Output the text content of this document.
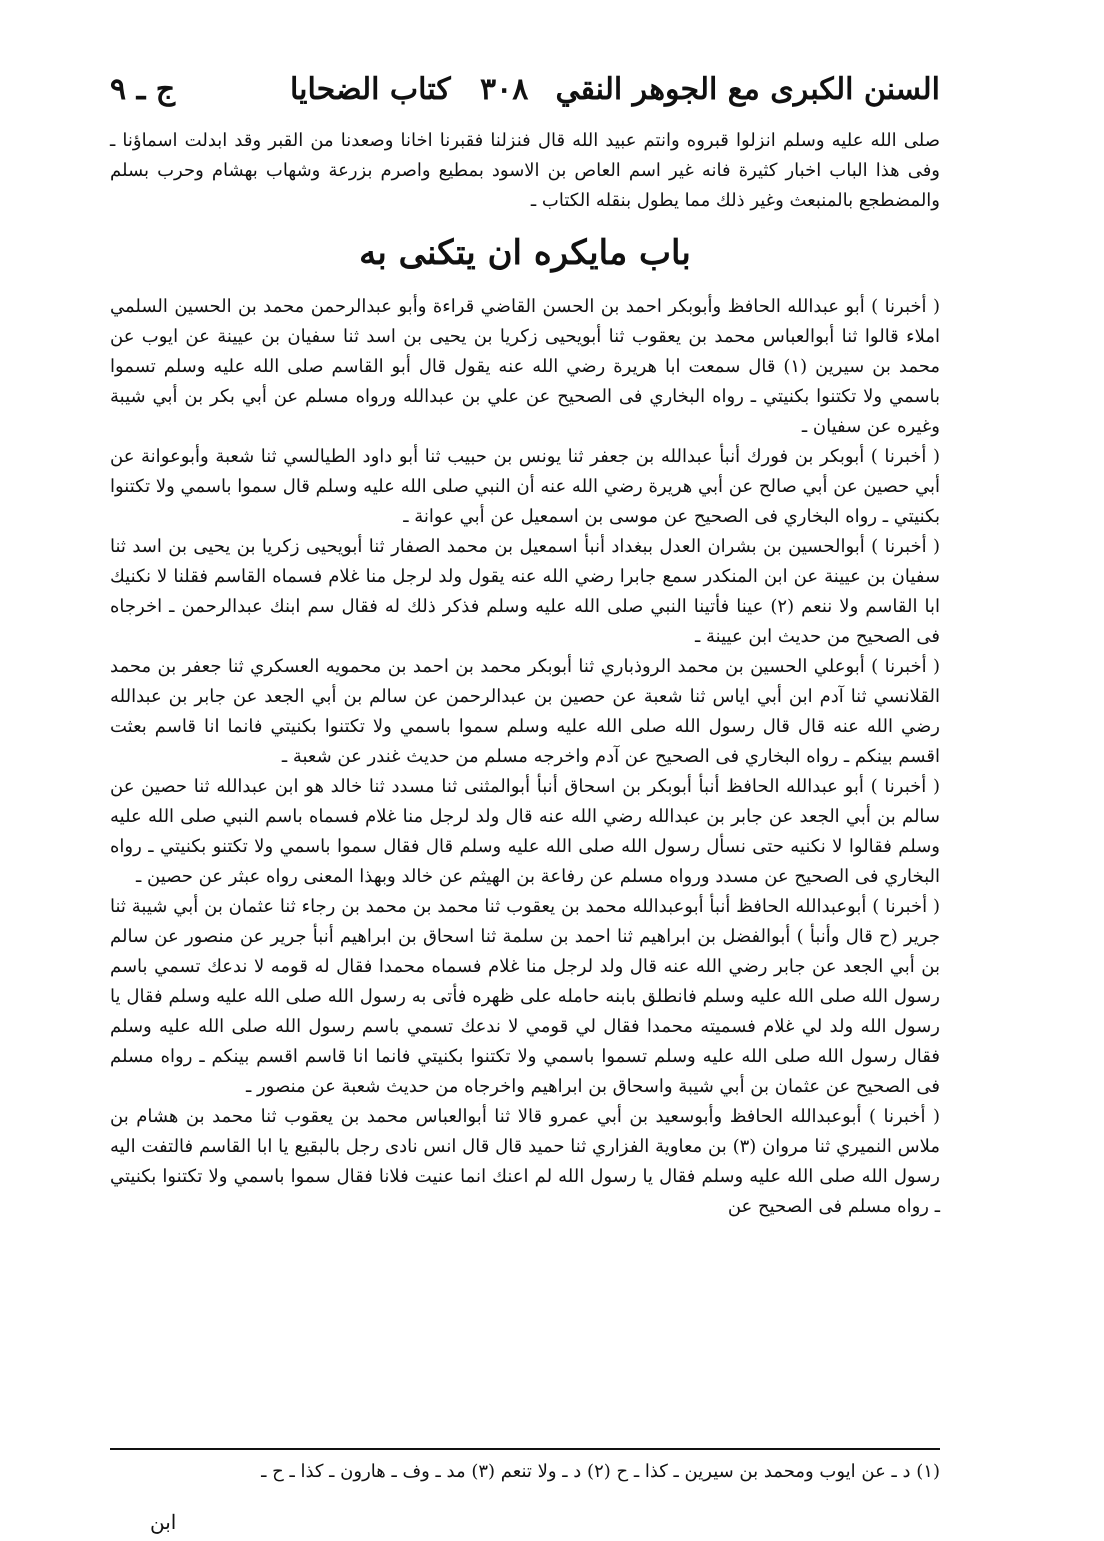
السنن الكبرى مع الجوهر النقي
٣٠٨
كتاب الضحايا
ج ـ ٩

صلى الله عليه وسلم انزلوا قبروه وانتم عبيد الله قال فنزلنا فقبرنا اخانا وصعدنا من القبر وقد ابدلت اسماؤنا ـ وفى هذا الباب اخبار كثيرة فانه غير اسم العاص بن الاسود بمطيع واصرم بزرعة وشهاب بهشام وحرب بسلم والمضطجع بالمنبعث وغير ذلك مما يطول بنقله الكتاب ـ

باب مايكره ان يتكنى به

( أخبرنا ) أبو عبدالله الحافظ وأبوبكر احمد بن الحسن القاضي قراءة وأبو عبدالرحمن محمد بن الحسين السلمي املاء قالوا ثنا أبوالعباس محمد بن يعقوب ثنا أبويحيى زكريا بن يحيى بن اسد ثنا سفيان بن عيينة عن ايوب عن محمد بن سيرين (١) قال سمعت ابا هريرة رضي الله عنه يقول قال أبو القاسم صلى الله عليه وسلم تسموا باسمي ولا تكتنوا بكنيتي ـ رواه البخاري فى الصحيح عن علي بن عبدالله ورواه مسلم عن أبي بكر بن أبي شيبة وغيره عن سفيان ـ

( أخبرنا ) أبوبكر بن فورك أنبأ عبدالله بن جعفر ثنا يونس بن حبيب ثنا أبو داود الطيالسي ثنا شعبة وأبوعوانة عن أبي حصين عن أبي صالح عن أبي هريرة رضي الله عنه أن النبي صلى الله عليه وسلم قال سموا باسمي ولا تكتنوا بكنيتي ـ رواه البخاري فى الصحيح عن موسى بن اسمعيل عن أبي عوانة ـ

( أخبرنا ) أبوالحسين بن بشران العدل ببغداد أنبأ اسمعيل بن محمد الصفار ثنا أبويحيى زكريا بن يحيى بن اسد ثنا سفيان بن عيينة عن ابن المنكدر سمع جابرا رضي الله عنه يقول ولد لرجل منا غلام فسماه القاسم فقلنا لا نكنيك ابا القاسم ولا ننعم (٢) عينا فأتينا النبي صلى الله عليه وسلم فذكر ذلك له فقال سم ابنك عبدالرحمن ـ اخرجاه فى الصحيح من حديث ابن عيينة ـ

( أخبرنا ) أبوعلي الحسين بن محمد الروذباري ثنا أبوبكر محمد بن احمد بن محمويه العسكري ثنا جعفر بن محمد القلانسي ثنا آدم ابن أبي اياس ثنا شعبة عن حصين بن عبدالرحمن عن سالم بن أبي الجعد عن جابر بن عبدالله رضي الله عنه قال قال رسول الله صلى الله عليه وسلم سموا باسمي ولا تكتنوا بكنيتي فانما انا قاسم بعثت اقسم بينكم ـ رواه البخاري فى الصحيح عن آدم واخرجه مسلم من حديث غندر عن شعبة ـ

( أخبرنا ) أبو عبدالله الحافظ أنبأ أبوبكر بن اسحاق أنبأ أبوالمثنى ثنا مسدد ثنا خالد هو ابن عبدالله ثنا حصين عن سالم بن أبي الجعد عن جابر بن عبدالله رضي الله عنه قال ولد لرجل منا غلام فسماه باسم النبي صلى الله عليه وسلم فقالوا لا نكنيه حتى نسأل رسول الله صلى الله عليه وسلم قال فقال سموا باسمي ولا تكتنو بكنيتي ـ رواه البخاري فى الصحيح عن مسدد ورواه مسلم عن رفاعة بن الهيثم عن خالد وبهذا المعنى رواه عبثر عن حصين ـ

( أخبرنا ) أبوعبدالله الحافظ أنبأ أبوعبدالله محمد بن يعقوب ثنا محمد بن محمد بن رجاء ثنا عثمان بن أبي شيبة ثنا جرير (ح قال وأنبأ ) أبوالفضل بن ابراهيم ثنا احمد بن سلمة ثنا اسحاق بن ابراهيم أنبأ جرير عن منصور عن سالم بن أبي الجعد عن جابر رضي الله عنه قال ولد لرجل منا غلام فسماه محمدا فقال له قومه لا ندعك تسمي باسم رسول الله صلى الله عليه وسلم فانطلق بابنه حامله على ظهره فأتى به رسول الله صلى الله عليه وسلم فقال يا رسول الله ولد لي غلام فسميته محمدا فقال لي قومي لا ندعك تسمي باسم رسول الله صلى الله عليه وسلم فقال رسول الله صلى الله عليه وسلم تسموا باسمي ولا تكتنوا بكنيتي فانما انا قاسم اقسم بينكم ـ رواه مسلم فى الصحيح عن عثمان بن أبي شيبة واسحاق بن ابراهيم واخرجاه من حديث شعبة عن منصور ـ

( أخبرنا ) أبوعبدالله الحافظ وأبوسعيد بن أبي عمرو قالا ثنا أبوالعباس محمد بن يعقوب ثنا محمد بن هشام بن ملاس النميري ثنا مروان (٣) بن معاوية الفزاري ثنا حميد قال قال انس نادى رجل بالبقيع يا ابا القاسم فالتفت اليه رسول الله صلى الله عليه وسلم فقال يا رسول الله لم اعنك انما عنيت فلانا فقال سموا باسمي ولا تكتنوا بكنيتي ـ رواه مسلم فى الصحيح عن

(١) د ـ عن ايوب ومحمد بن سيرين ـ كذا ـ ح (٢) د ـ ولا تنعم (٣) مد ـ وف ـ هارون ـ كذا ـ ح ـ
ابن
